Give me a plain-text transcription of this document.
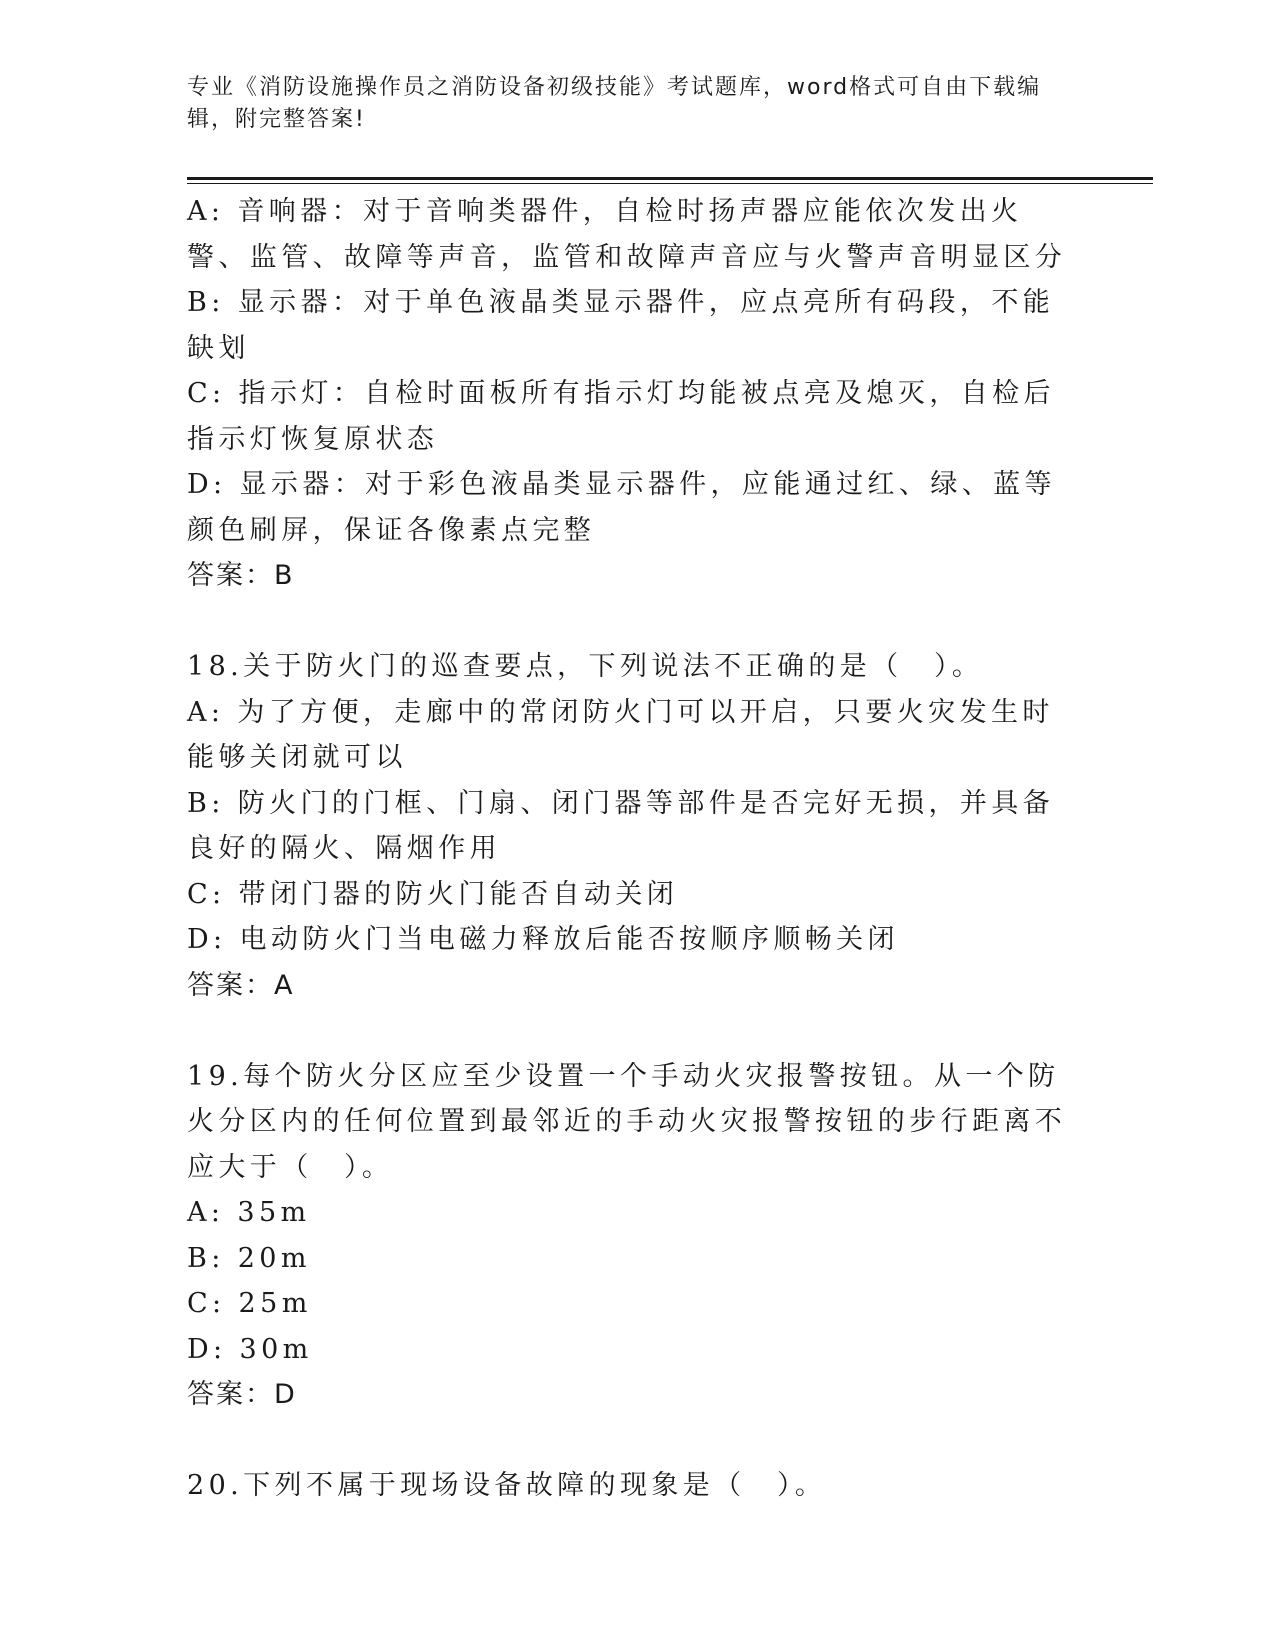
专业《消防设施操作员之消防设备初级技能》考试题库，word格式可自由下载编辑，附完整答案!
A: 音响器：对于音响类器件，自检时扬声器应能依次发出火警、监管、故障等声音，监管和故障声音应与火警声音明显区分
B: 显示器：对于单色液晶类显示器件，应点亮所有码段，不能缺划
C: 指示灯：自检时面板所有指示灯均能被点亮及熄灭，自检后指示灯恢复原状态
D: 显示器：对于彩色液晶类显示器件，应能通过红、绿、蓝等颜色刷屏，保证各像素点完整
答案：B
18.关于防火门的巡查要点，下列说法不正确的是（　）。
A: 为了方便，走廊中的常闭防火门可以开启，只要火灾发生时能够关闭就可以
B: 防火门的门框、门扇、闭门器等部件是否完好无损，并具备良好的隔火、隔烟作用
C: 带闭门器的防火门能否自动关闭
D: 电动防火门当电磁力释放后能否按顺序顺畅关闭
答案：A
19.每个防火分区应至少设置一个手动火灾报警按钮。从一个防火分区内的任何位置到最邻近的手动火灾报警按钮的步行距离不应大于（　）。
A: 35m
B: 20m
C: 25m
D: 30m
答案：D
20.下列不属于现场设备故障的现象是（　）。
